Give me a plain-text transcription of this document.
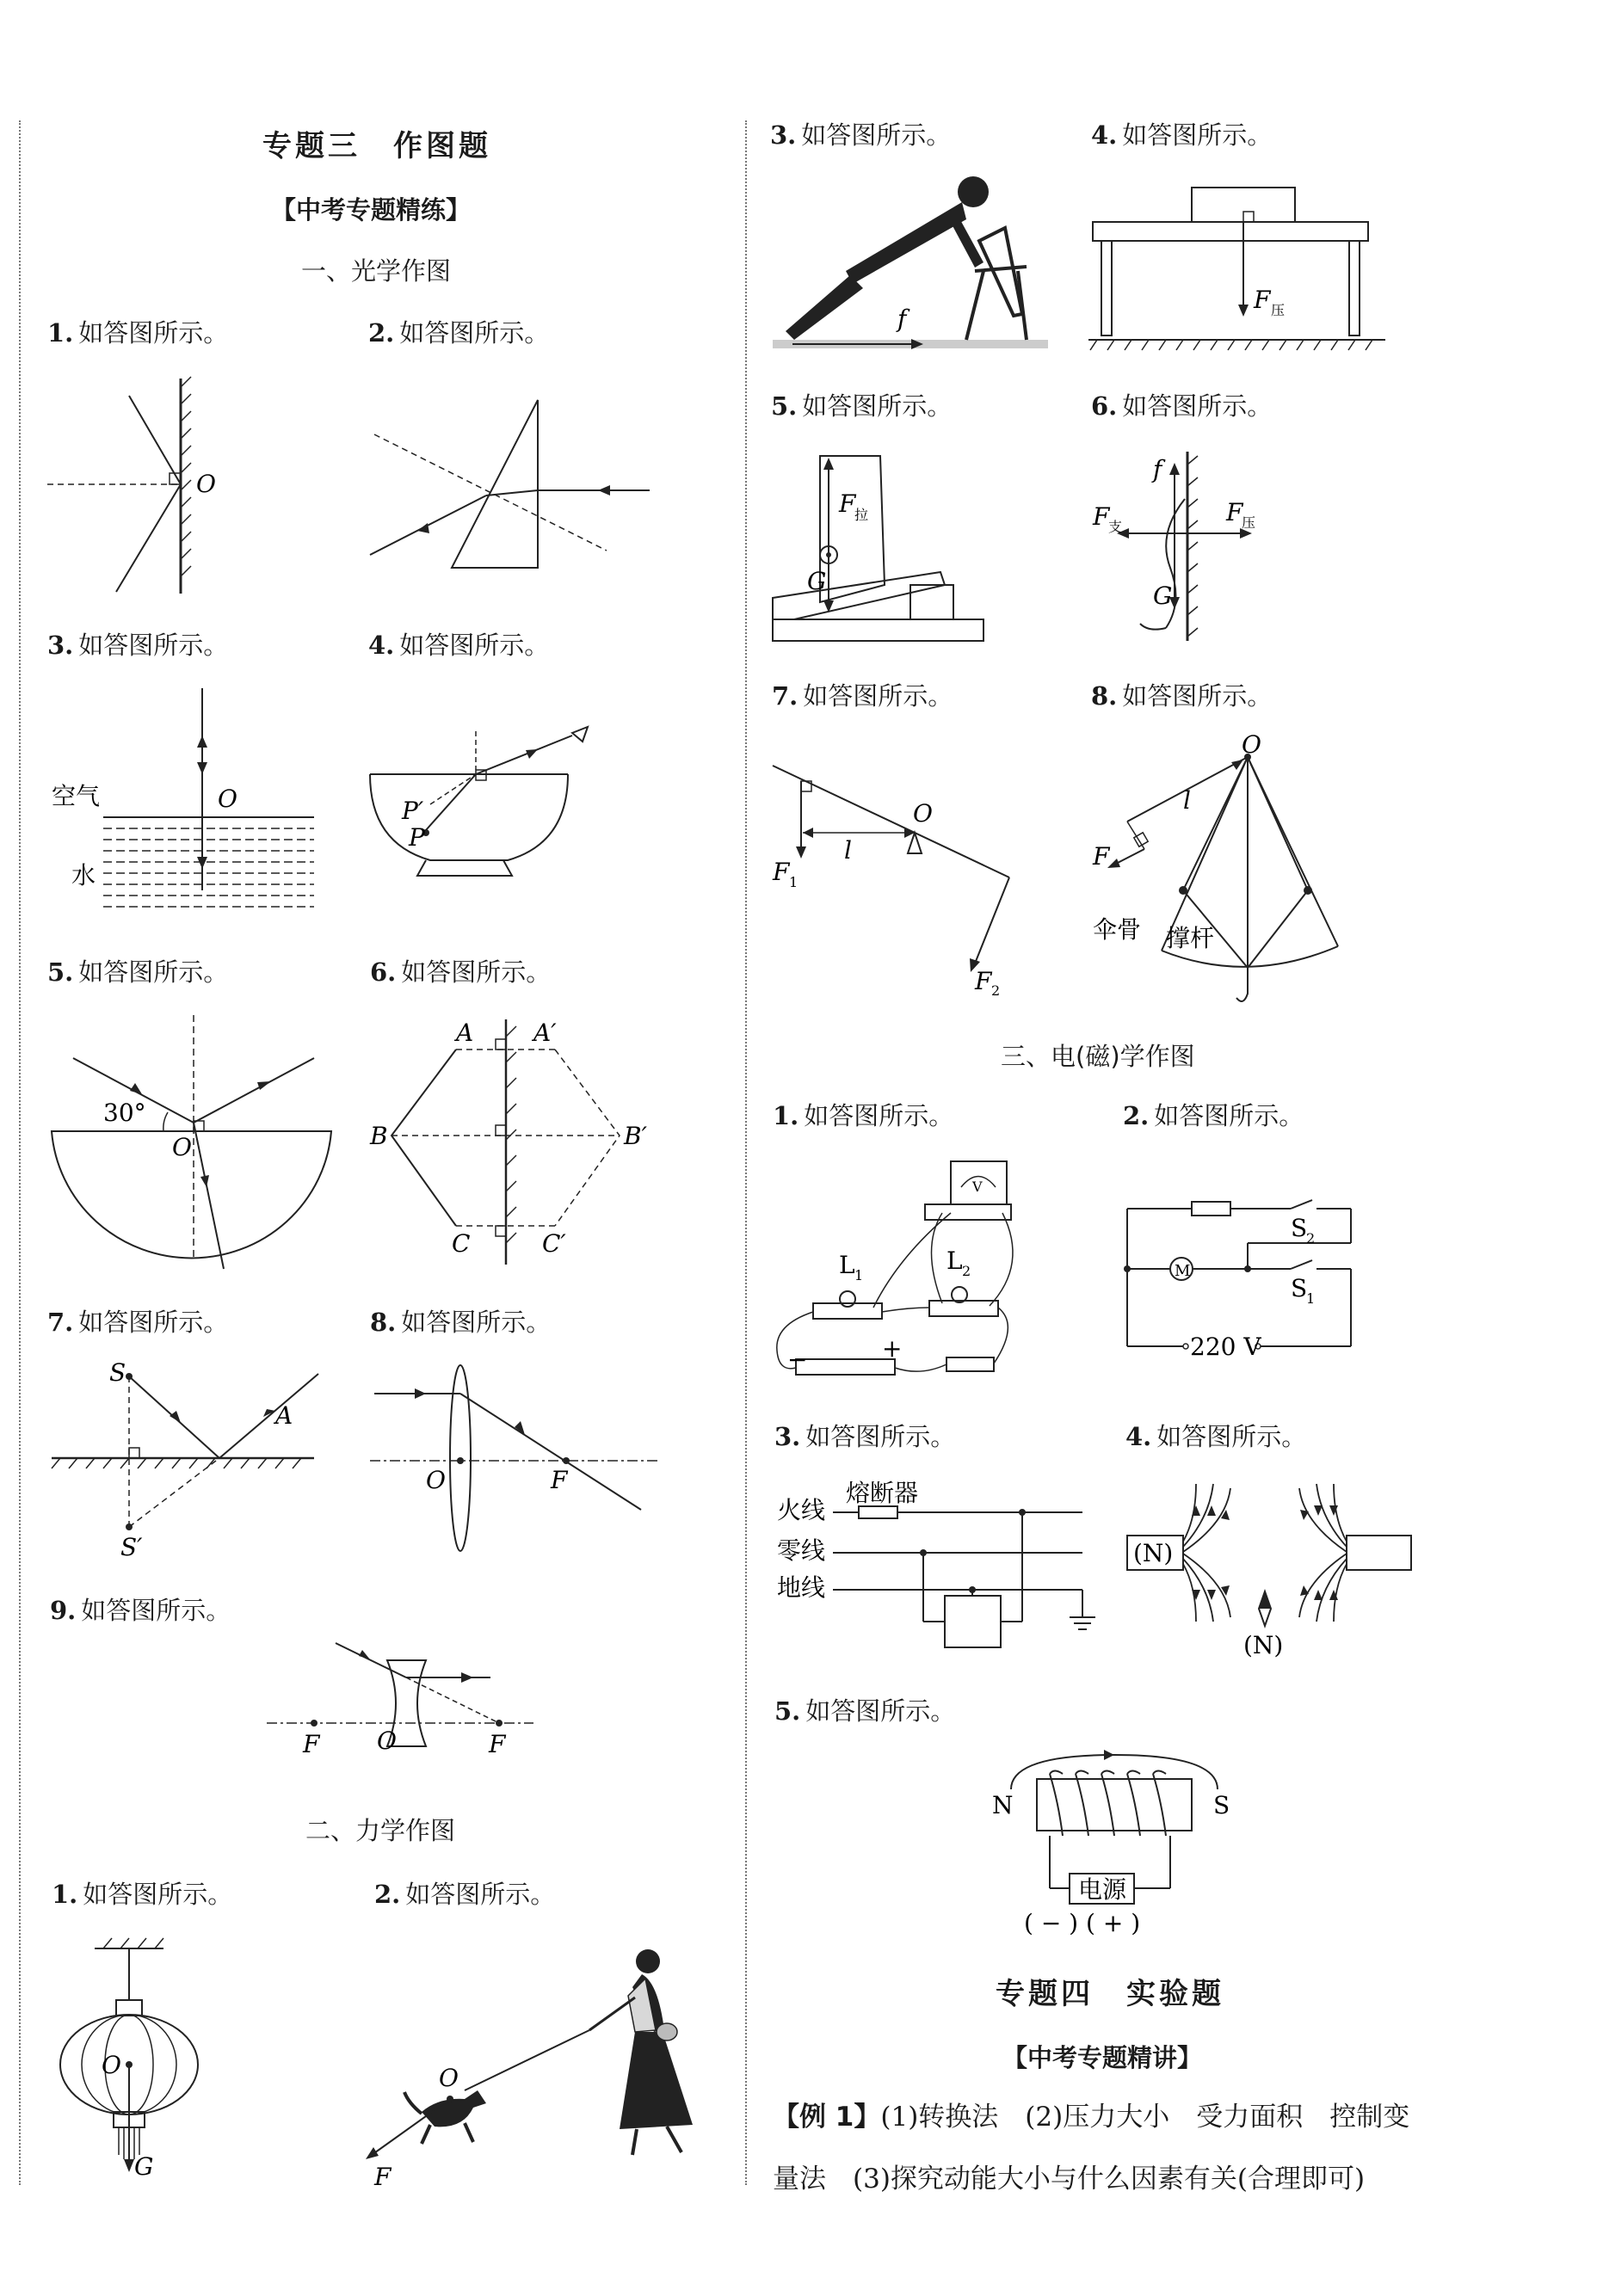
专题三　作图题
【中考专题精练】
一、光学作图
1. 如答图所示。
O
2. 如答图所示。
3. 如答图所示。
空气
水
O
4. 如答图所示。
P′
P
5. 如答图所示。
30°
O
6. 如答图所示。
A A′
B	B′
C	C′
7. 如答图所示。
S
S′
A
8. 如答图所示。
O	F
9. 如答图所示。
F O	F
二、力学作图
1. 如答图所示。
O
G
2. 如答图所示。
O
F
3. 如答图所示。
f
4. 如答图所示。
F 压
5. 如答图所示。
F
拉
G
6. 如答图所示。
f
F
支
F
压
G
7. 如答图所示。
O
l
F 1
F 2
8. 如答图所示。
O
l
F
伞骨 撑杆
三、电(磁)学作图
1. 如答图所示。
V
L 1
L 2
−	+
2. 如答图所示。
M
220 V
S
2
S
1
3. 如答图所示。
火线
零线
地线
熔断器
4. 如答图所示。
(N)
(N)
5. 如答图所示。
N	S
电源
( − ) ( + )
专题四　实验题
【中考专题精讲】
【例 1】(1)转换法　(2)压力大小　受力面积　控制变
量法　(3)探究动能大小与什么因素有关(合理即可)
